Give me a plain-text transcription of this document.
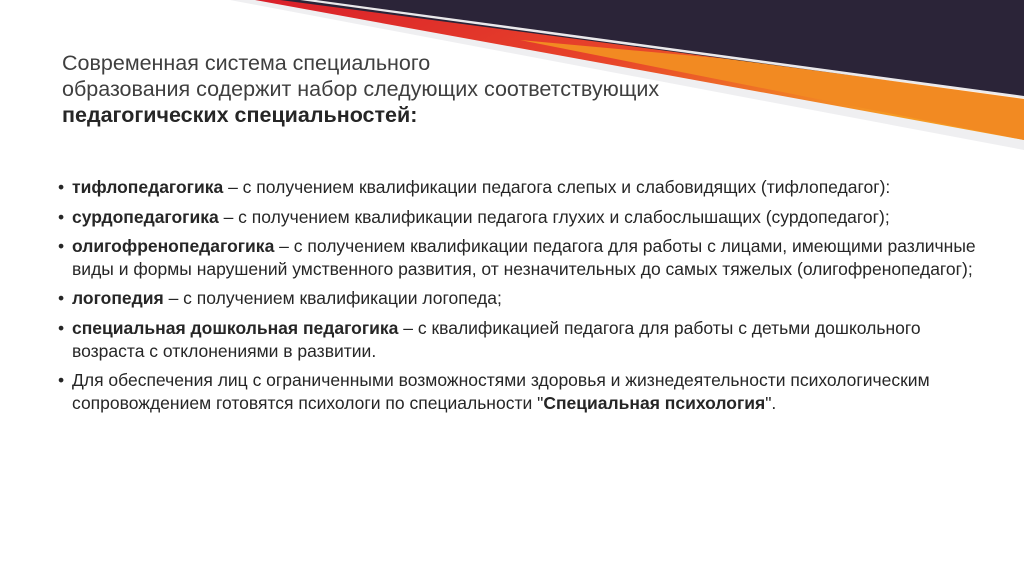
Современная система специального
образования содержит набор следующих соответствующих
педагогических специальностей:
• тифлопедагогика – с получением квалификации педагога слепых и слабовидящих (тифлопедагог):
• сурдопедагогика – с получением квалификации педагога глухих и слабослышащих (сурдопедагог);
• олигофренопедагогика – с получением квалификации педагога для работы с лицами, имеющими различные виды и формы нарушений умственного развития, от незначительных до самых тяжелых (олигофренопедагог);
• логопедия – с получением квалификации логопеда;
• специальная дошкольная педагогика – с квалификацией педагога для работы с детьми дошкольного возраста с отклонениями в развитии.
• Для обеспечения лиц с ограниченными возможностями здоровья и жизнедеятельности психологическим сопровождением готовятся психологи по специальности "Специальная психология".
